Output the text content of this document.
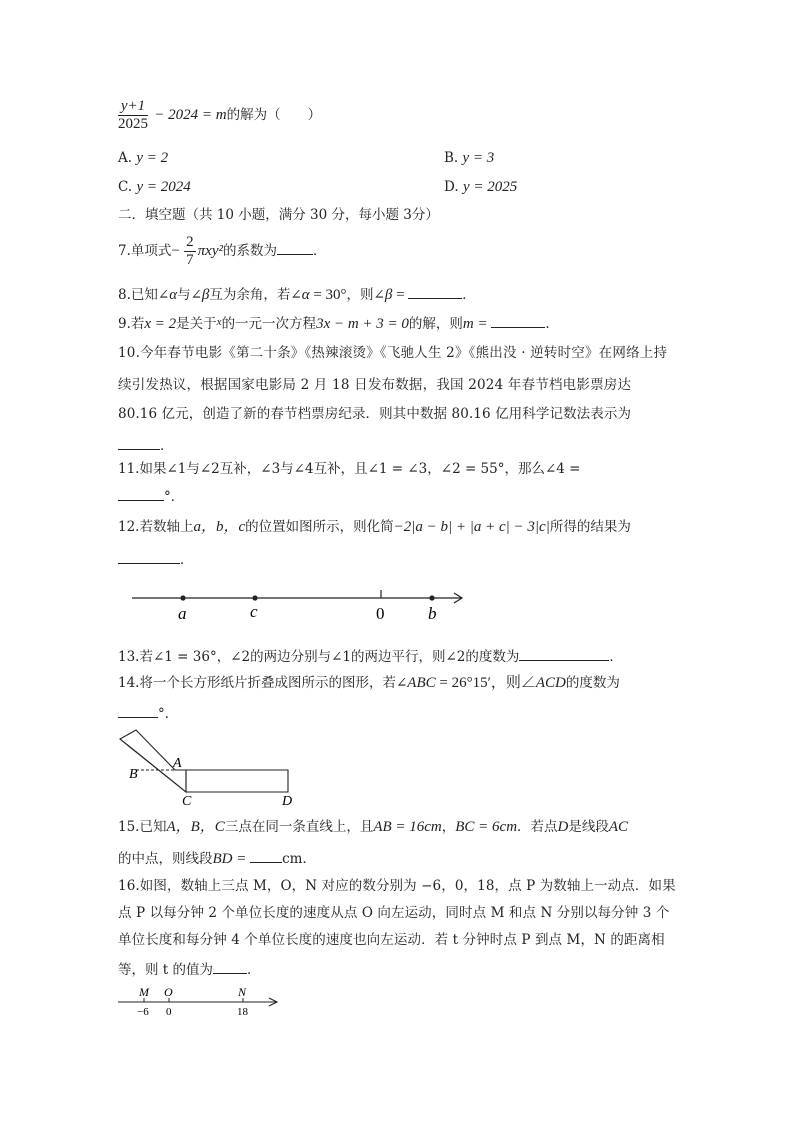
$\frac{y+1}{2025} - 2024 = m$的解为（　　）
A. y = 2	B. y = 3
C. y = 2024	D. y = 2025
二．填空题（共 10 小题，满分 30 分，每小题 3分）
7.单项式− $\frac{2}{7} \pi xy^2$的系数为	．
8.已知∠α与∠β互为余角，若∠α = 30°，则∠β =	．
9.若x = 2是关于$^x$的一元一次方程3x − m + 3 = 0的解，则m =	．
10.今年春节电影《第二十条》《热辣滚烫》《飞驰人生 2》《熊出没 · 逆转时空》在网络上持
续引发热议，根据国家电影局 2 月 18 日发布数据，我国 2024 年春节档电影票房达
80.16 亿元，创造了新的春节档票房纪录．则其中数据 80.16 亿用科学记数法表示为
．
11.如果∠1与∠2互补，∠3与∠4互补，且∠1 = ∠3，∠2 = 55°，那么∠4 =
°．
12.若数轴上a，b，c的位置如图所示，则化简−2|a − b| + |a + c| − 3|c|所得的结果为
．
a	c	0	b
13.若∠1 = 36°，∠2的两边分别与∠1的两边平行，则∠2的度数为	．
14.将一个长方形纸片折叠成图所示的图形，若∠ABC = 26°15′，则∠ACD的度数为
°．
A
B
C	D
15.已知A，B，C三点在同一条直线上，且AB = 16cm，BC = 6cm．若点D是线段AC
的中点，则线段BD = cm．
16.如图，数轴上三点 M，O，N 对应的数分别为 −6，0，18，点 P 为数轴上一动点．如果
点 P 以每分钟 2 个单位长度的速度从点 O 向左运动，同时点 M 和点 N 分别以每分钟 3 个
单位长度和每分钟 4 个单位长度的速度也向左运动．若 t 分钟时点 P 到点 M，N 的距离相
等，则 t 的值为	．
M O	N
−6 0	18
